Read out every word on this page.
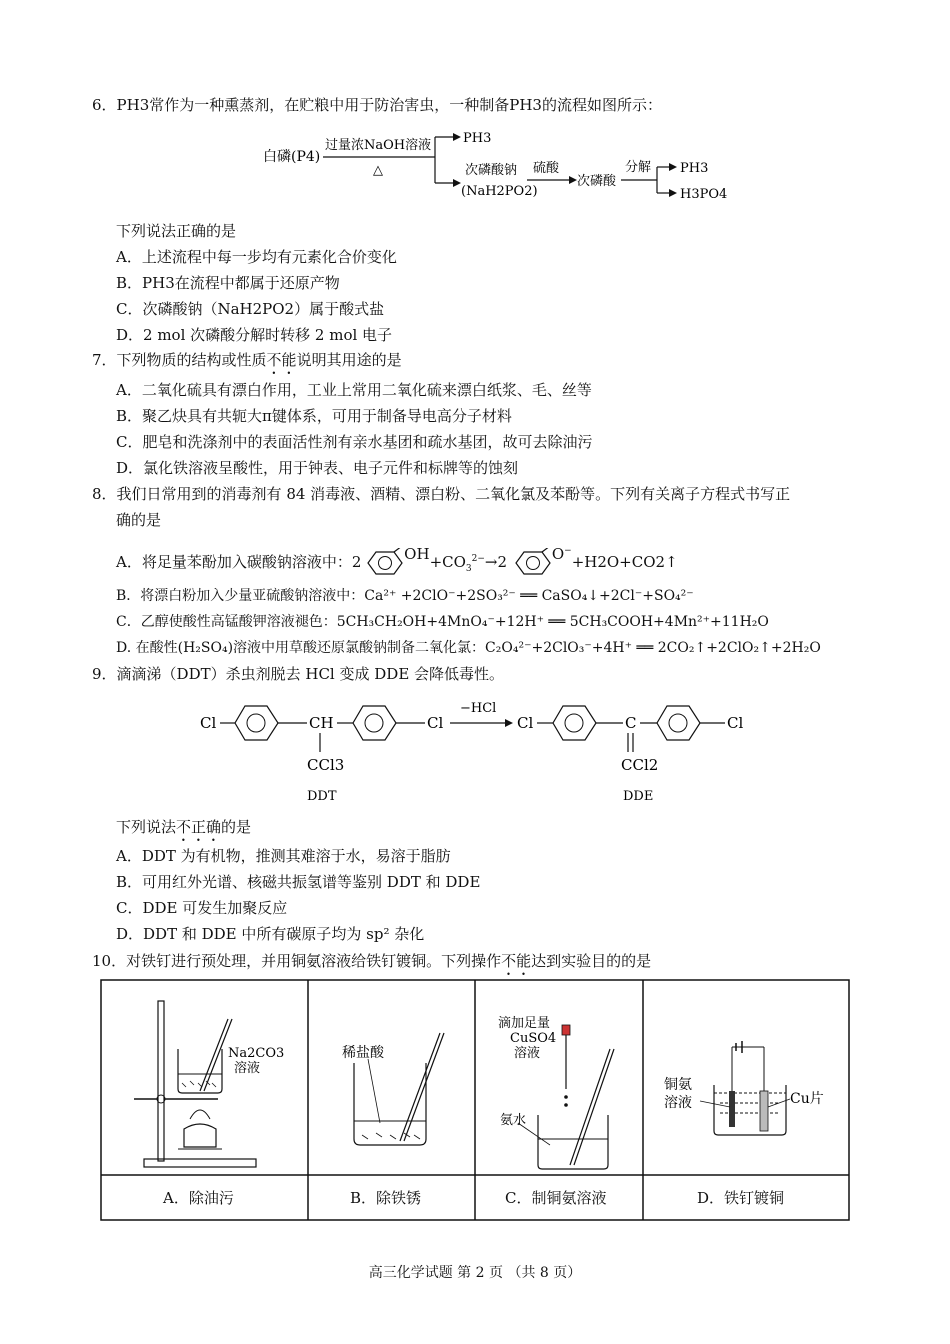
6．PH3常作为一种熏蒸剂，在贮粮中用于防治害虫，一种制备PH3的流程如图所示：
白磷(P4)
过量浓NaOH溶液
△
PH3
次磷酸钠
(NaH2PO2)
硫酸
次磷酸
分解 PH3
H3PO4
下列说法正确的是
A．上述流程中每一步均有元素化合价变化
B．PH3在流程中都属于还原产物
C．次磷酸钠（NaH2PO2）属于酸式盐
D．2 mol 次磷酸分解时转移 2 mol 电子
7．下列物质的结构或性质不能说明其用途的是
A．二氧化硫具有漂白作用，工业上常用二氧化硫来漂白纸浆、毛、丝等
B．聚乙炔具有共轭大π键体系，可用于制备导电高分子材料
C．肥皂和洗涤剂中的表面活性剂有亲水基团和疏水基团，故可去除油污
D．氯化铁溶液呈酸性，用于钟表、电子元件和标牌等的蚀刻
8．我们日常用到的消毒剂有 84 消毒液、酒精、漂白粉、二氧化氯及苯酚等。下列有关离子方程式书写正
确的是
A．将足量苯酚加入碳酸钠溶液中：2	$OH+CO_3^{2-}\to 2$	O−+H2O+CO2↑
B．将漂白粉加入少量亚硫酸钠溶液中：Ca²⁺ +2ClO⁻+2SO₃²⁻ ══ CaSO₄↓+2Cl⁻+SO₄²⁻
C．乙醇使酸性高锰酸钾溶液褪色：5CH₃CH₂OH+4MnO₄⁻+12H⁺ ══ 5CH₃COOH+4Mn²⁺+11H₂O
D. 在酸性(H₂SO₄)溶液中用草酸还原氯酸钠制备二氧化氯：C₂O₄²⁻+2ClO₃⁻+4H⁺ ══ 2CO₂↑+2ClO₂↑+2H₂O
9．滴滴涕（DDT）杀虫剂脱去 HCl 变成 DDE 会降低毒性。
Cl	CH	Cl
CCl3
DDT
−HCl
Cl	C	Cl
CCl2
DDE
下列说法不正确的是
A．DDT 为有机物，推测其难溶于水，易溶于脂肪
B．可用红外光谱、核磁共振氢谱等鉴别 DDT 和 DDE
C．DDE 可发生加聚反应
D．DDT 和 DDE 中所有碳原子均为 sp² 杂化
10．对铁钉进行预处理，并用铜氨溶液给铁钉镀铜。下列操作不能达到实验目的的是
Na2CO3
溶液
稀盐酸
滴加足量
CuSO4
溶液
氨水
铜氨
溶液	Cu片
A．除油污	B．除铁锈	C．制铜氨溶液	D．铁钉镀铜
高三化学试题 第 2 页 （共 8 页）
